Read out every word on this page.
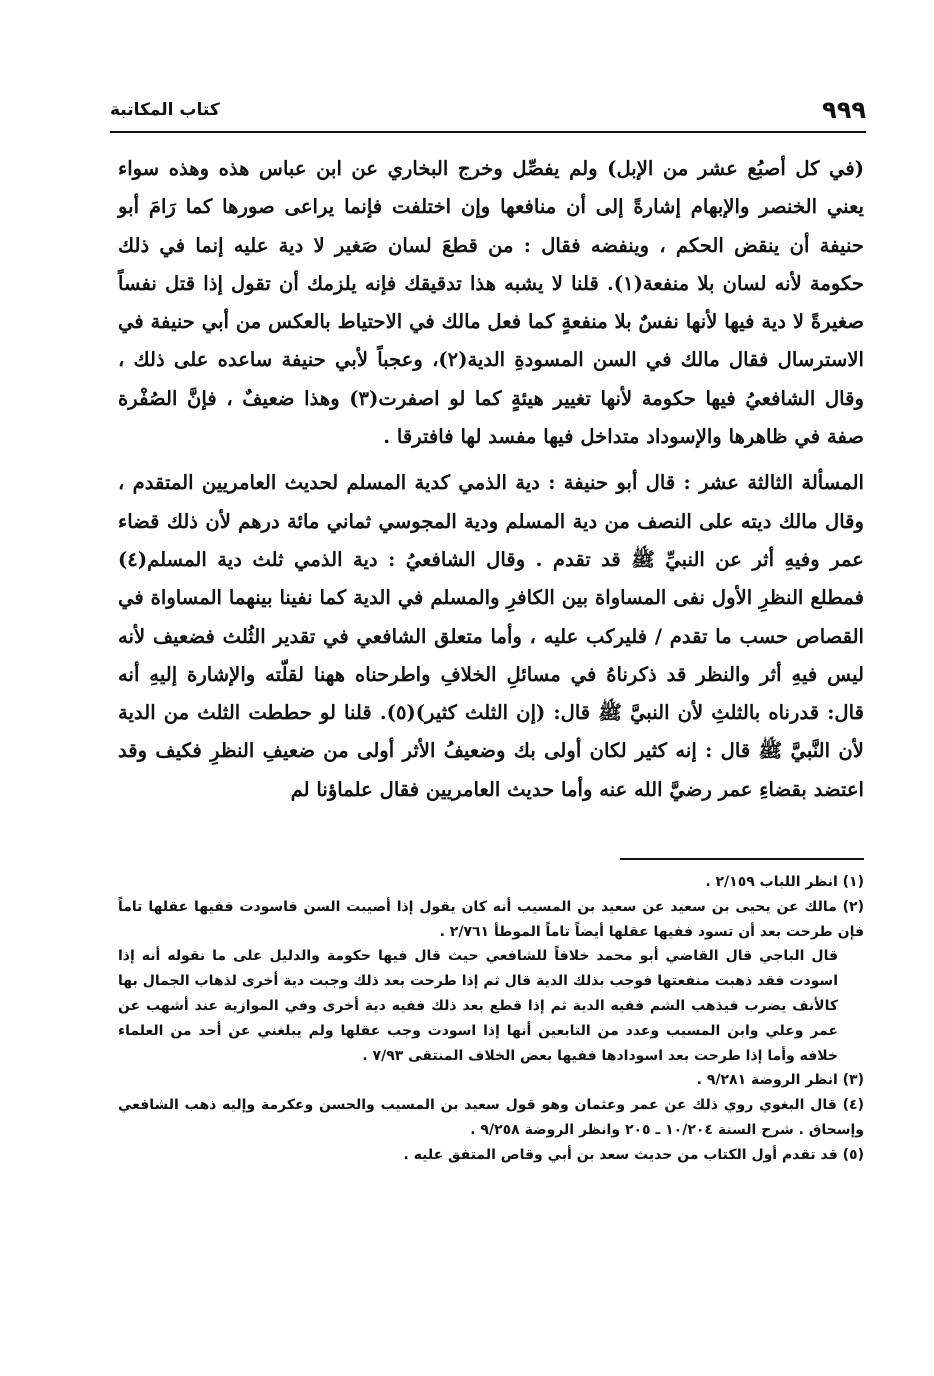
٩٩٩
كتاب المكاتبة

(في كل أصبُع عشر من الإبل) ولم يفصِّل وخرج البخاري عن ابن عباس هذه وهذه سواء يعني الخنصر والإبهام إشارةً إلى أن منافعها وإن اختلفت فإنما يراعى صورها كما رَامَ أبو حنيفة أن ينقض الحكم ، وينفضه فقال : من قطعَ لسان صَغير لا دية عليه إنما في ذلك حكومة لأنه لسان بلا منفعة(١). قلنا لا يشبه هذا تدقيقك فإنه يلزمك أن تقول إذا قتل نفساً صغيرةً لا دية فيها لأنها نفسٌ بلا منفعةٍ كما فعل مالك في الاحتياط بالعكس من أبي حنيفة في الاسترسال فقال مالك في السن المسودةِ الدية(٢)، وعجباً لأبي حنيفة ساعده على ذلك ، وقال الشافعيُ فيها حكومة لأنها تغيير هيئةٍ كما لو اصفرت(٣) وهذا ضعيفٌ ، فإنَّ الصُفْرة صفة في ظاهرها والإسوداد متداخل فيها مفسد لها فافترقا .

المسألة الثالثة عشر : قال أبو حنيفة : دية الذمي كدية المسلم لحديث العامريين المتقدم ، وقال مالك ديته على النصف من دية المسلم ودية المجوسي ثماني مائة درهم لأن ذلك قضاء عمر وفيهِ أثر عن النبيِّ ﷺ قد تقدم . وقال الشافعيُ : دية الذمي ثلث دية المسلم(٤) فمطلع النظرِ الأول نفى المساواة بين الكافرِ والمسلم في الدية كما نفينا بينهما المساواة في القصاص حسب ما تقدم / فليركب عليه ، وأما متعلق الشافعي في تقدير الثُلث فضعيف لأنه ليس فيهِ أثر والنظر قد ذكرناهُ في مسائلِ الخلافِ واطرحناه ههنا لقلّته والإشارة إليهِ أنه قال: قدرناه بالثلثِ لأن النبيَّ ﷺ قال: (إن الثلث كثير)(٥). قلنا لو حططت الثلث من الدية لأن النَّبيَّ ﷺ قال : إنه كثير لكان أولى بك وضعيفُ الأثر أولى من ضعيفِ النظرِ فكيف وقد اعتضد بقضاءِ عمر رضيَّ الله عنه وأما حديث العامريين فقال علماؤنا لم

(١) انظر اللباب ٢/١٥٩ .

(٢) مالك عن يحيى بن سعيد عن سعيد بن المسيب أنه كان يقول إذا أصيبت السن فاسودت ففيها عقلها تاماً فإن طرحت بعد أن تسود ففيها عقلها أيضاً تاماً الموطأ ٢/٧٦١ .

قال الباجي قال القاضي أبو محمد خلافاً للشافعي حيث قال فيها حكومة والدليل على ما نقوله أنه إذا اسودت فقد ذهبت منفعتها فوجب بذلك الدية قال ثم إذا طرحت بعد ذلك وجبت دية أخرى لذهاب الجمال بها كالأنف يضرب فيذهب الشم ففيه الدية ثم إذا قطع بعد ذلك ففيه دية أخرى وفي الموازية عند أشهب عن عمر وعلي وابن المسيب وعدد من التابعين أنها إذا اسودت وجب عقلها ولم يبلغني عن أحد من العلماء خلافه وأما إذا طرحت بعد اسودادها ففيها بعض الخلاف المنتقى ٧/٩٣ .

(٣) انظر الروضة ٩/٢٨١ .

(٤) قال البغوي روي ذلك عن عمر وعثمان وهو قول سعيد بن المسيب والحسن وعكرمة وإليه ذهب الشافعي وإسحاق . شرح السنة ١٠/٢٠٤ ـ ٢٠٥ وانظر الروضة ٩/٢٥٨ .

(٥) قد تقدم أول الكتاب من حديث سعد بن أبي وقاص المتفق عليه .
